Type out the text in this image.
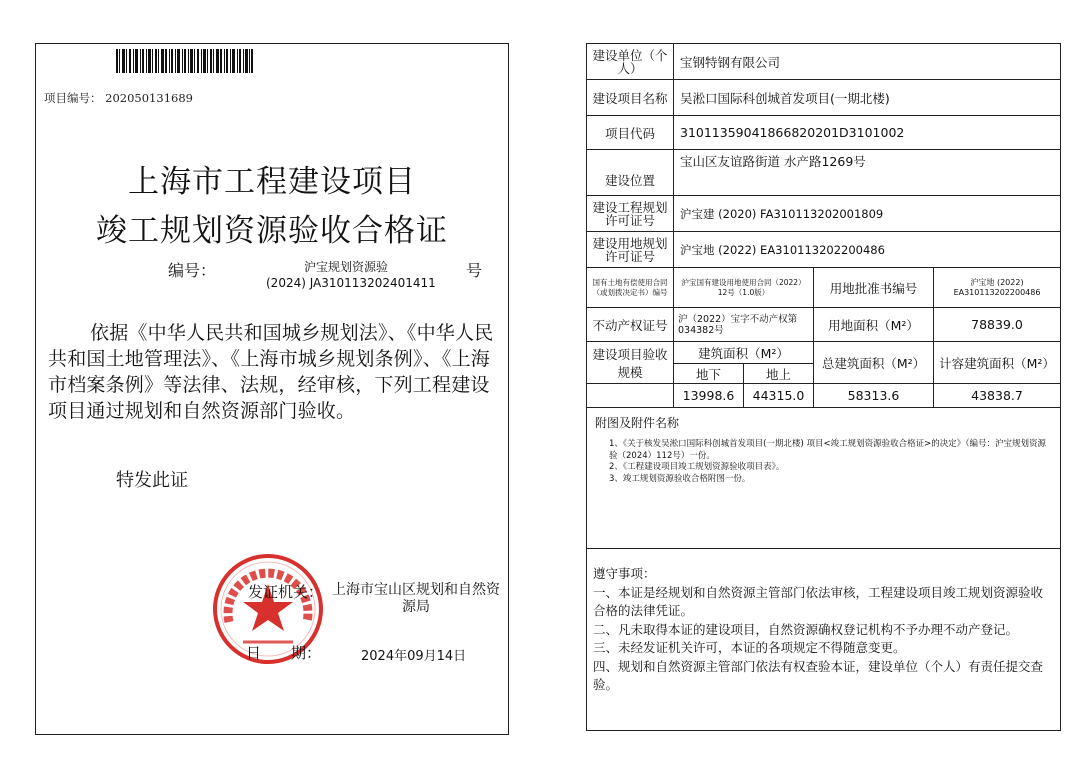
项目编号： 202050131689
上海市工程建设项目
竣工规划资源验收合格证
编号：	沪宝规划资源验
(2024) JA310113202401411
号
依据《中华人民共和国城乡规划法》、《中华人民共和国土地管理法》、《上海市城乡规划条例》、《上海市档案条例》等法律、法规，经审核，下列工程建设项目通过规划和自然资源部门验收。
特发此证
发证机关： 上海市宝山区规划和自然资源局
日 期：	2024年09月14日
建设单位（个人）	宝钢特钢有限公司			
建设项目名称	吴淞口国际科创城首发项目(一期北楼)			
项目代码	31011359041866820201D3101002			
建设位置	宝山区友谊路街道 水产路1269号			
建设工程规划许可证号	沪宝建 (2020) FA310113202001809			
建设用地规划许可证号	沪宝地 (2022) EA310113202200486			
国有土地有偿使用合同（或划拨决定书）编号	沪宝国有建设用地使用合同（2022）12号（1.0版）		用地批准书编号	沪宝地 (2022) EA310113202200486
不动产权证号	沪（2022）宝字不动产权第034382号		用地面积（M²）	78839.0
建设项目验收规模	建筑面积（M²）		总建筑面积（M²）	计容建筑面积（M²）
	地下	地上		
	13998.6	44315.0	58313.6	43838.7

附图及附件名称
1、《关于核发吴淞口国际科创城首发项目(一期北楼) 项目<竣工规划资源验收合格证>的决定》（编号：沪宝规划资源验（2024）112号）一份。
2、《工程建设项目竣工规划资源验收项目表》。
3、竣工规划资源验收合格附图一份。				

遵守事项：
一、本证是经规划和自然资源主管部门依法审核，工程建设项目竣工规划资源验收合格的法律凭证。
二、凡未取得本证的建设项目，自然资源确权登记机构不予办理不动产登记。
三、未经发证机关许可，本证的各项规定不得随意变更。
四、规划和自然资源主管部门依法有权查验本证，建设单位（个人）有责任提交查验。				
